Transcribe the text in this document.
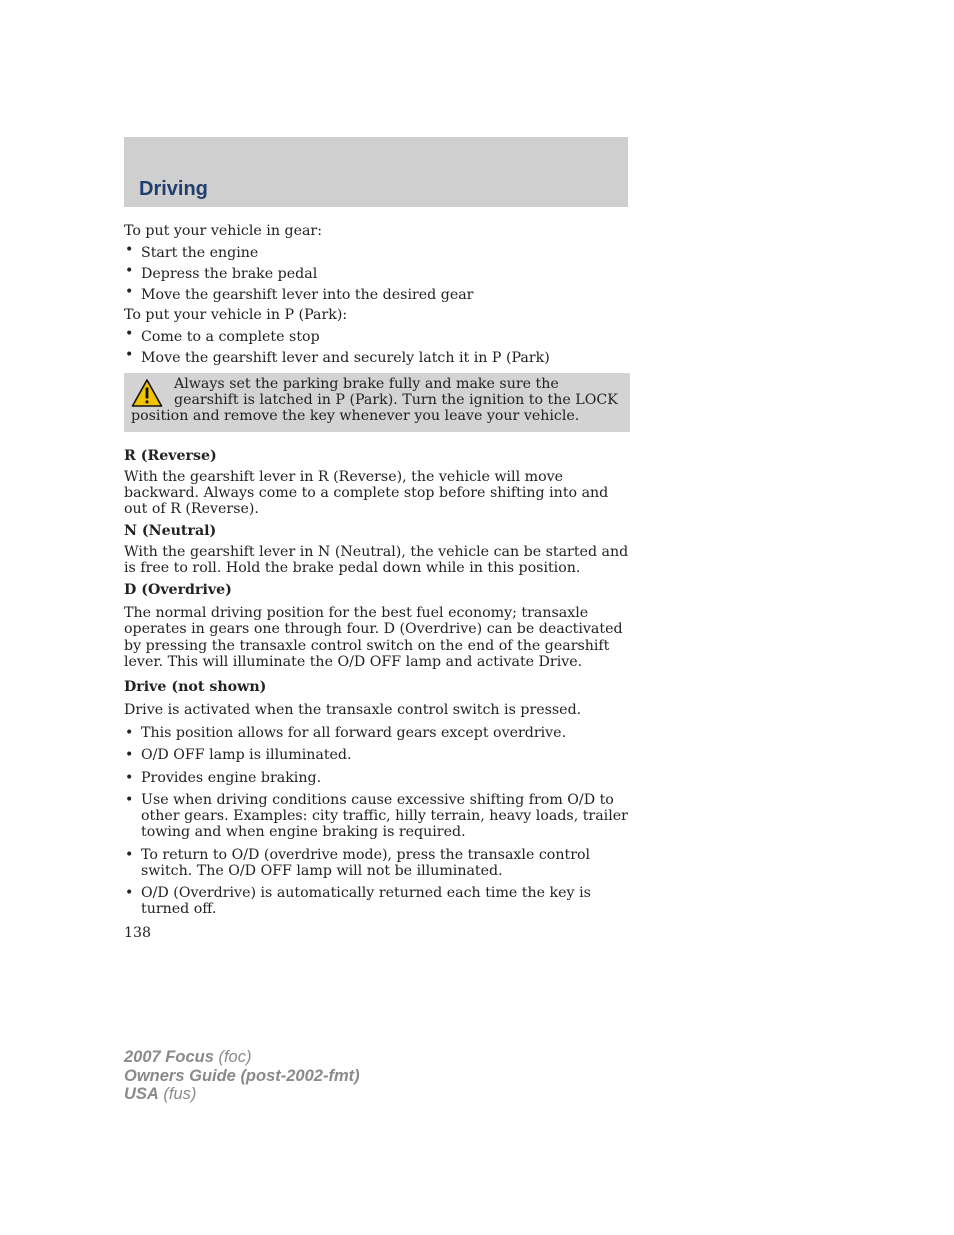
Driving

To put your vehicle in gear:

• Start the engine
• Depress the brake pedal
• Move the gearshift lever into the desired gear

To put your vehicle in P (Park):

• Come to a complete stop
• Move the gearshift lever and securely latch it in P (Park)
Always set the parking brake fully and make sure the gearshift is latched in P (Park). Turn the ignition to the LOCK position and remove the key whenever you leave your vehicle.

R (Reverse)

With the gearshift lever in R (Reverse), the vehicle will move backward. Always come to a complete stop before shifting into and out of R (Reverse).

N (Neutral)

With the gearshift lever in N (Neutral), the vehicle can be started and is free to roll. Hold the brake pedal down while in this position.

D (Overdrive)

The normal driving position for the best fuel economy; transaxle operates in gears one through four. D (Overdrive) can be deactivated by pressing the transaxle control switch on the end of the gearshift lever. This will illuminate the O/D OFF lamp and activate Drive.

Drive (not shown)

Drive is activated when the transaxle control switch is pressed.

• This position allows for all forward gears except overdrive.
• O/D OFF lamp is illuminated.
• Provides engine braking.
• Use when driving conditions cause excessive shifting from O/D to other gears. Examples: city traffic, hilly terrain, heavy loads, trailer towing and when engine braking is required.
• To return to O/D (overdrive mode), press the transaxle control switch. The O/D OFF lamp will not be illuminated.
• O/D (Overdrive) is automatically returned each time the key is turned off.

138

2007 Focus (foc)
Owners Guide (post-2002-fmt)
USA (fus)
